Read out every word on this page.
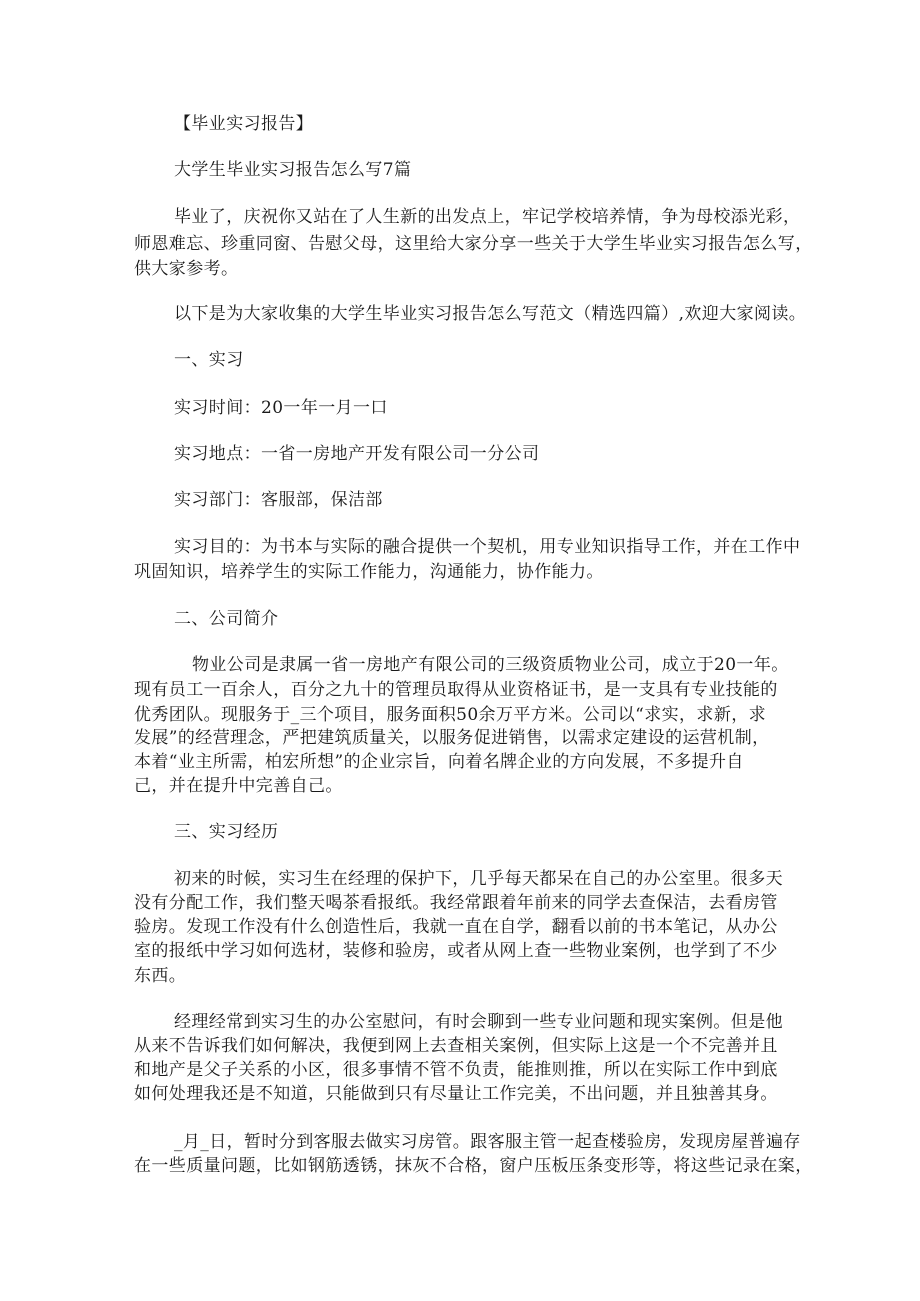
【毕业实习报告】
大学生毕业实习报告怎么写7篇
毕业了，庆祝你又站在了人生新的出发点上，牢记学校培养情，争为母校添光彩，
师恩难忘、珍重同窗、告慰父母，这里给大家分享一些关于大学生毕业实习报告怎么写，
供大家参考。
以下是为大家收集的大学生毕业实习报告怎么写范文（精选四篇）,欢迎大家阅读。
一、实习
实习时间：20一年一月一口
实习地点：一省一房地产开发有限公司一分公司
实习部门：客服部，保洁部
实习目的：为书本与实际的融合提供一个契机，用专业知识指导工作，并在工作中
巩固知识，培养学生的实际工作能力，沟通能力，协作能力。
二、公司简介
物业公司是隶属一省一房地产有限公司的三级资质物业公司，成立于20一年。
现有员工一百余人，百分之九十的管理员取得从业资格证书，是一支具有专业技能的
优秀团队。现服务于_三个项目，服务面积50余万平方米。公司以“求实，求新，求
发展”的经营理念，严把建筑质量关，以服务促进销售，以需求定建设的运营机制，
本着“业主所需，柏宏所想”的企业宗旨，向着名牌企业的方向发展，不多提升自
己，并在提升中完善自己。
三、实习经历
初来的时候，实习生在经理的保护下，几乎每天都呆在自己的办公室里。很多天
没有分配工作，我们整天喝茶看报纸。我经常跟着年前来的同学去查保洁，去看房管
验房。发现工作没有什么创造性后，我就一直在自学，翻看以前的书本笔记，从办公
室的报纸中学习如何选材，装修和验房，或者从网上查一些物业案例，也学到了不少
东西。
经理经常到实习生的办公室慰问，有时会聊到一些专业问题和现实案例。但是他
从来不告诉我们如何解决，我便到网上去查相关案例，但实际上这是一个不完善并且
和地产是父子关系的小区，很多事情不管不负责，能推则推，所以在实际工作中到底
如何处理我还是不知道，只能做到只有尽量让工作完美，不出问题，并且独善其身。
_月_日，暂时分到客服去做实习房管。跟客服主管一起查楼验房，发现房屋普遍存
在一些质量问题，比如钢筋透锈，抹灰不合格，窗户压板压条变形等，将这些记录在案，
